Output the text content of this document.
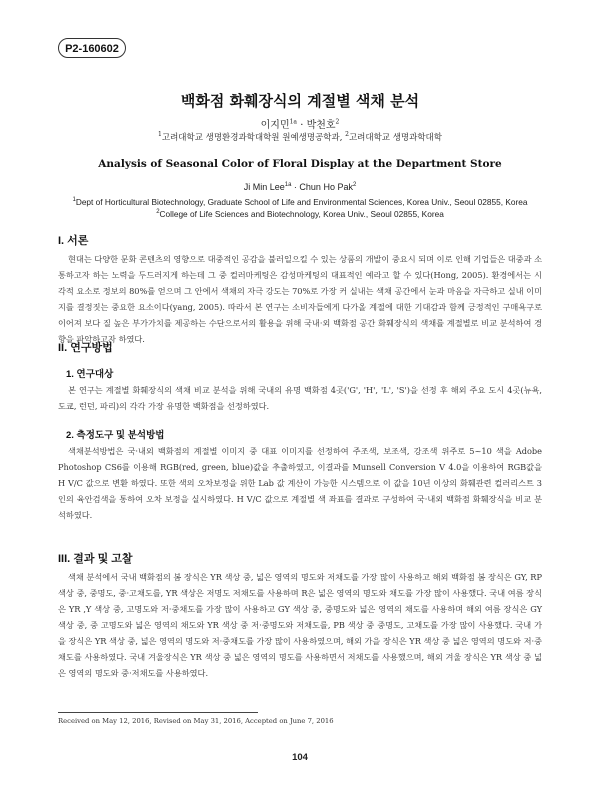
P2-160602
백화점 화훼장식의 계절별 색채 분석
이지민$^{1a}$ · 박천호$^2$
$^1$고려대학교 생명환경과학대학원 원예생명공학과, $^2$고려대학교 생명과학대학
Analysis of Seasonal Color of Floral Display at the Department Store
Ji Min Lee$^{1a}$ · Chun Ho Pak$^2$
$^1$Dept of Horticultural Biotechnology, Graduate School of Life and Environmental Sciences, Korea Univ., Seoul 02855, Korea
$^2$College of Life Sciences and Biotechnology, Korea Univ., Seoul 02855, Korea
I. 서론
현대는 다양한 문화 콘텐츠의 영향으로 대중적인 공감을 불러일으킬 수 있는 상품의 개발이 중요시 되며 이로 인해 기업들은 대중과 소통하고자 하는 노력을 두드러지게 하는데 그 중 컬러마케팅은 감성마케팅의 대표적인 예라고 할 수 있다(Hong, 2005). 환경에서는 시각적 요소로 정보의 80%를 얻으며 그 안에서 색채의 자극 강도는 70%로 가장 커 실내는 색채 공간에서 눈과 마음을 자극하고 실내 이미지를 결정짓는 중요한 요소이다(yang, 2005). 따라서 본 연구는 소비자들에게 다가올 계절에 대한 기대감과 함께 긍정적인 구매욕구로 이어져 보다 질 높은 부가가치를 제공하는 수단으로서의 활용을 위해 국내·외 백화점 공간 화훼장식의 색채를 계절별로 비교 분석하여 경향을 파악하고자 하였다.
II. 연구방법
1. 연구대상
본 연구는 계절별 화훼장식의 색채 비교 분석을 위해 국내의 유명 백화점 4곳('G', 'H', 'L', 'S')을 선정 후 해외 주요 도시 4곳(뉴욕, 도쿄, 런던, 파리)의 각각 가장 유명한 백화점을 선정하였다.
2. 측정도구 및 분석방법
색채분석방법은 국·내외 백화점의 계절별 이미지 중 대표 이미지를 선정하여 주조색, 보조색, 강조색 위주로 5~10 색을 Adobe Photoshop CS6를 이용해 RGB(red, green, blue)값을 추출하였고, 이결과를 Munsell Conversion V 4.0을 이용하여 RGB값을 H V/C 값으로 변환 하였다. 또한 색의 오차보정을 위한 Lab 값 계산이 가능한 시스템으로 이 값을 10년 이상의 화훼관련 컬러리스트 3인의 육안검색을 통하여 오차 보정을 실시하였다. H V/C 값으로 계절별 색 좌표를 결과로 구성하여 국·내외 백화점 화훼장식을 비교 분석하였다.
III. 결과 및 고찰
색채 분석에서 국내 백화점의 봄 장식은 YR 색상 중, 넓은 영역의 명도와 저채도를 가장 많이 사용하고 해외 백화점 봄 장식은 GY, RP 색상 중, 중명도, 중·고채도를, YR 색상은 저명도 저채도를 사용하며 R은 넓은 영역의 명도와 채도를 가장 많이 사용했다. 국내 여름 장식은 YR ,Y 색상 중, 고명도와 저·중채도를 가장 많이 사용하고 GY 색상 중, 중명도와 넓은 영역의 채도를 사용하며 해외 여름 장식은 GY 색상 중, 중 고명도와 넓은 영역의 채도와 YR 색상 중 저·중명도와 저채도를, PB 색상 중 중명도, 고채도를 가장 많이 사용했다. 국내 가을 장식은 YR 색상 중, 넓은 영역의 명도와 저·중채도를 가장 많이 사용하였으며, 해외 가을 장식은 YR 색상 중 넓은 영역의 명도와 저·중채도를 사용하였다. 국내 겨울장식은 YR 색상 중 넓은 영역의 명도를 사용하면서 저채도를 사용했으며, 해외 겨울 장식은 YR 색상 중 넓은 영역의 명도와 중·저채도를 사용하였다.
Received on May 12, 2016, Revised on May 31, 2016, Accepted on June 7, 2016
104
